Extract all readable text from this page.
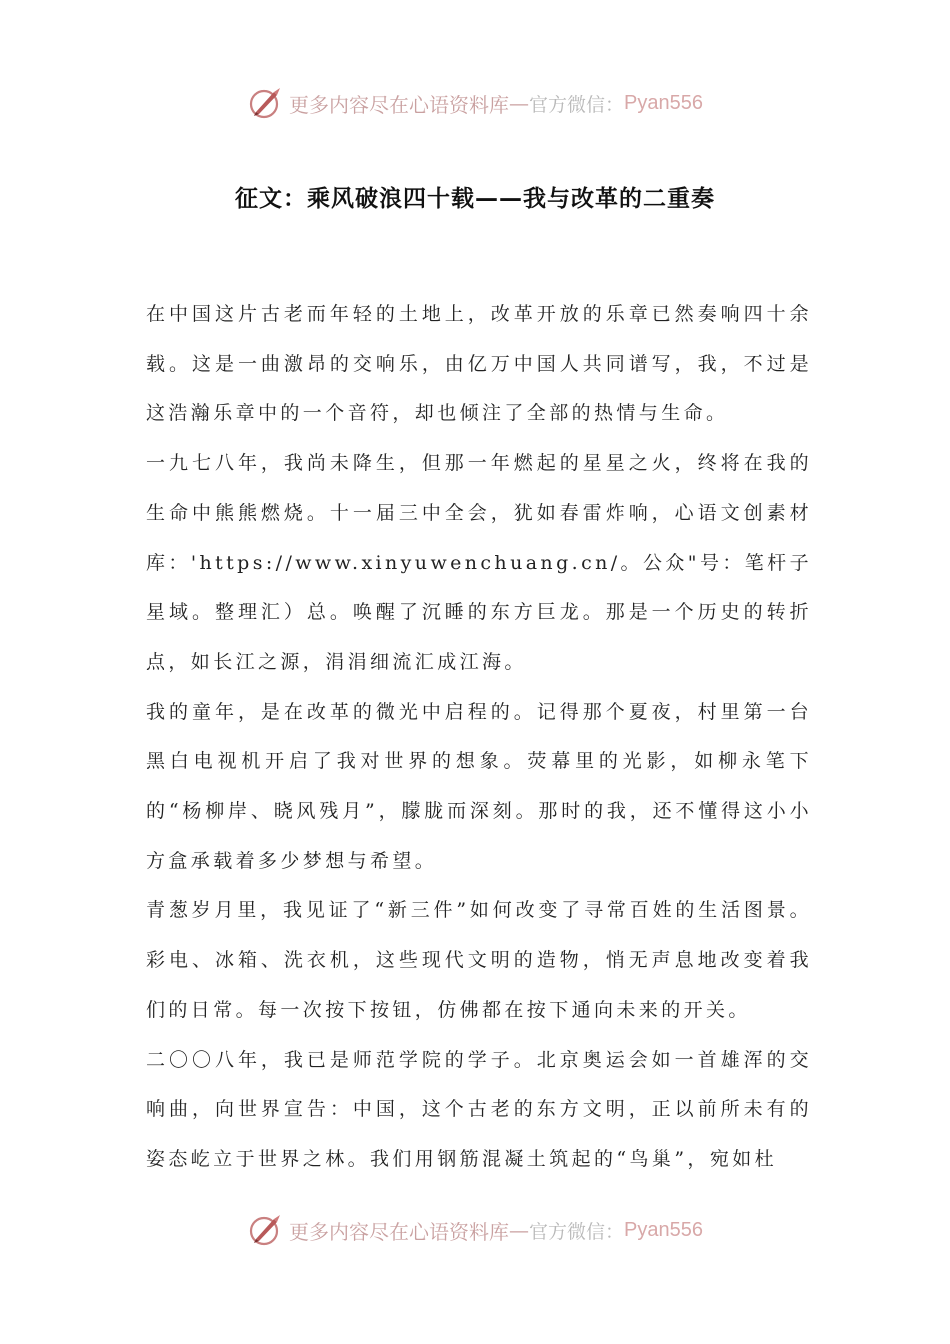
更多内容尽在心语资料库 — 官方微信： Pyan556
征文：乘风破浪四十载——我与改革的二重奏

在中国这片古老而年轻的土地上，改革开放的乐章已然奏响四十余载。这是一曲激昂的交响乐，由亿万中国人共同谱写，我，不过是这浩瀚乐章中的一个音符，却也倾注了全部的热情与生命。

一九七八年，我尚未降生，但那一年燃起的星星之火，终将在我的生命中熊熊燃烧。十一届三中全会，犹如春雷炸响，心语文创素材库：'https://www.xinyuwenchuang.cn/。公众"号：笔杆子星域。整理汇）总。唤醒了沉睡的东方巨龙。那是一个历史的转折点，如长江之源，涓涓细流汇成江海。

我的童年，是在改革的微光中启程的。记得那个夏夜，村里第一台黑白电视机开启了我对世界的想象。荧幕里的光影，如柳永笔下的“杨柳岸、晓风残月”，朦胧而深刻。那时的我，还不懂得这小小方盒承载着多少梦想与希望。

青葱岁月里，我见证了“新三件”如何改变了寻常百姓的生活图景。彩电、冰箱、洗衣机，这些现代文明的造物，悄无声息地改变着我们的日常。每一次按下按钮，仿佛都在按下通向未来的开关。

二〇〇八年，我已是师范学院的学子。北京奥运会如一首雄浑的交响曲，向世界宣告：中国，这个古老的东方文明，正以前所未有的姿态屹立于世界之林。我们用钢筋混凝土筑起的“鸟巢”，宛如杜

更多内容尽在心语资料库 — 官方微信： Pyan556
